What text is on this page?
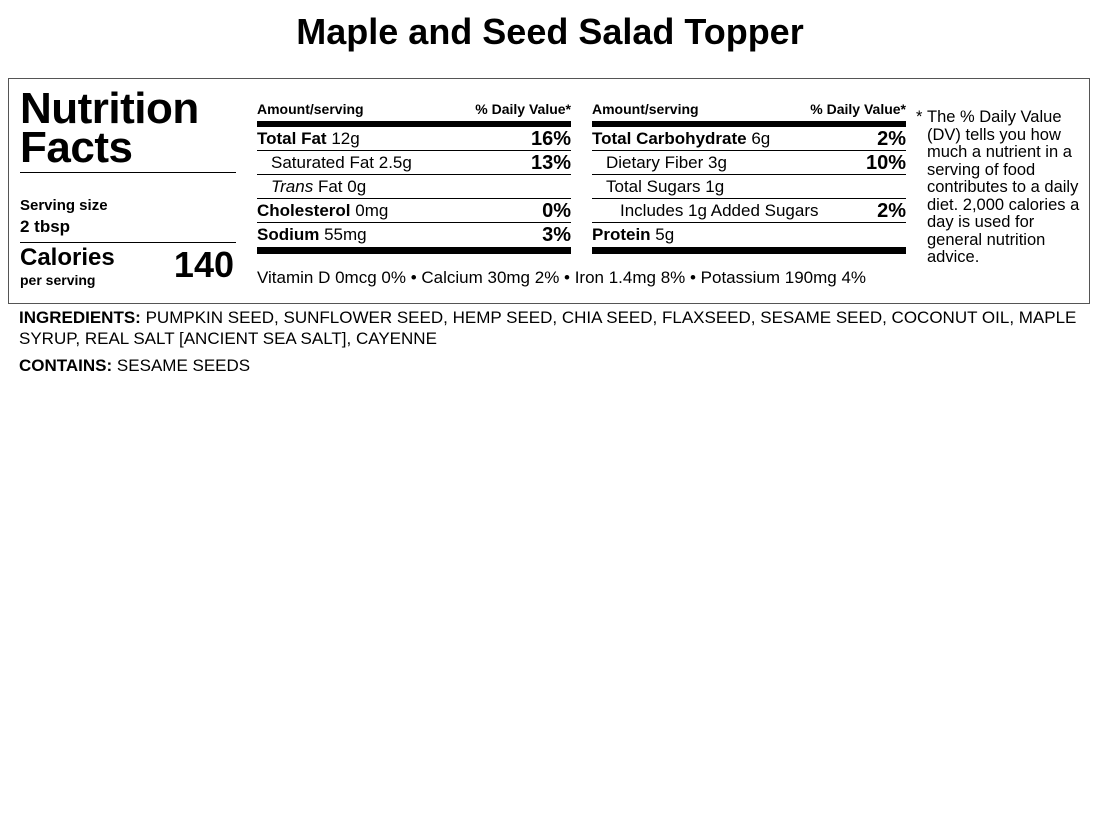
Maple and Seed Salad Topper
Nutrition
Facts
Serving size
2 tbsp
Calories
per serving 140
Amount/serving	% Daily Value*
Total Fat 12g	16%
Saturated Fat 2.5g	13%
Trans Fat 0g
Cholesterol 0mg	0%
Sodium 55mg	3%
Amount/serving	% Daily Value*
Total Carbohydrate 6g	2%
Dietary Fiber 3g	10%
Total Sugars 1g
Includes 1g Added Sugars	2%
Protein 5g
Vitamin D 0mcg 0% • Calcium 30mg 2% • Iron 1.4mg 8% • Potassium 190mg 4%
* The % Daily Value (DV) tells you how much a nutrient in a serving of food contributes to a daily diet. 2,000 calories a day is used for general nutrition advice.
INGREDIENTS: PUMPKIN SEED, SUNFLOWER SEED, HEMP SEED, CHIA SEED, FLAXSEED, SESAME SEED, COCONUT OIL, MAPLE SYRUP, REAL SALT [ANCIENT SEA SALT], CAYENNE
CONTAINS: SESAME SEEDS
